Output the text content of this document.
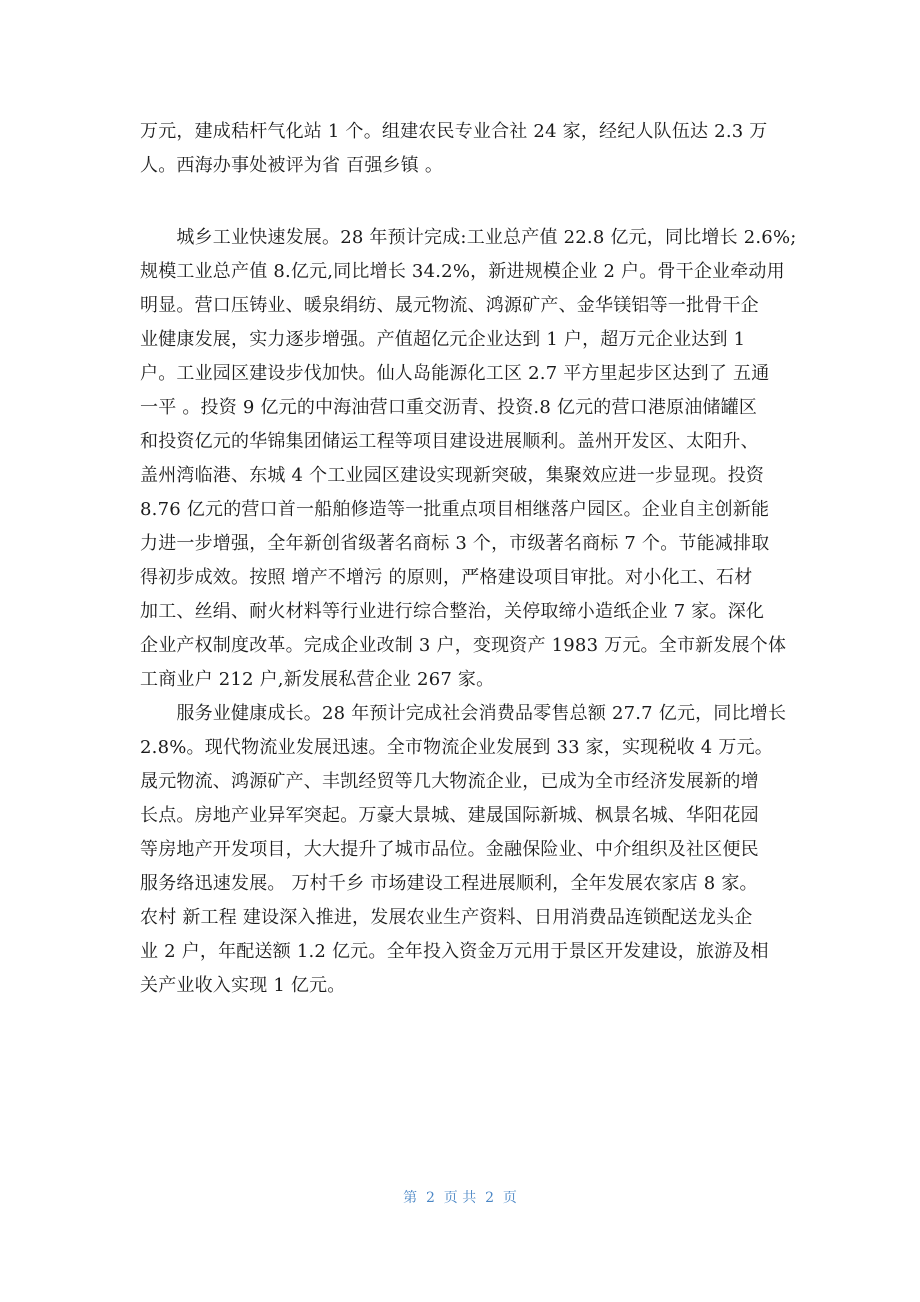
万元，建成秸杆气化站 1 个。组建农民专业合社 24 家，经纪人队伍达 2.3 万
人。西海办事处被评为省 百强乡镇 。
　　城乡工业快速发展。28 年预计完成:工业总产值 22.8 亿元，同比增长 2.6%;
规模工业总产值 8.亿元,同比增长 34.2%，新进规模企业 2 户。骨干企业牵动用
明显。营口压铸业、暖泉绢纺、晟元物流、鸿源矿产、金华镁铝等一批骨干企
业健康发展，实力逐步增强。产值超亿元企业达到 1 户，超万元企业达到 1
户。工业园区建设步伐加快。仙人岛能源化工区 2.7 平方里起步区达到了 五通
一平 。投资 9 亿元的中海油营口重交沥青、投资.8 亿元的营口港原油储罐区
和投资亿元的华锦集团储运工程等项目建设进展顺利。盖州开发区、太阳升、
盖州湾临港、东城 4 个工业园区建设实现新突破，集聚效应进一步显现。投资
8.76 亿元的营口首一船舶修造等一批重点项目相继落户园区。企业自主创新能
力进一步增强，全年新创省级著名商标 3 个，市级著名商标 7 个。节能减排取
得初步成效。按照 增产不增污 的原则，严格建设项目审批。对小化工、石材
加工、丝绢、耐火材料等行业进行综合整治，关停取缔小造纸企业 7 家。深化
企业产权制度改革。完成企业改制 3 户，变现资产 1983 万元。全市新发展个体
工商业户 212 户,新发展私营企业 267 家。
　　服务业健康成长。28 年预计完成社会消费品零售总额 27.7 亿元，同比增长
2.8%。现代物流业发展迅速。全市物流企业发展到 33 家，实现税收 4 万元。
晟元物流、鸿源矿产、丰凯经贸等几大物流企业，已成为全市经济发展新的增
长点。房地产业异军突起。万豪大景城、建晟国际新城、枫景名城、华阳花园
等房地产开发项目，大大提升了城市品位。金融保险业、中介组织及社区便民
服务络迅速发展。 万村千乡 市场建设工程进展顺利，全年发展农家店 8 家。
农村 新工程 建设深入推进，发展农业生产资料、日用消费品连锁配送龙头企
业 2 户，年配送额 1.2 亿元。全年投入资金万元用于景区开发建设，旅游及相
关产业收入实现 1 亿元。
第  2  页 共  2  页
